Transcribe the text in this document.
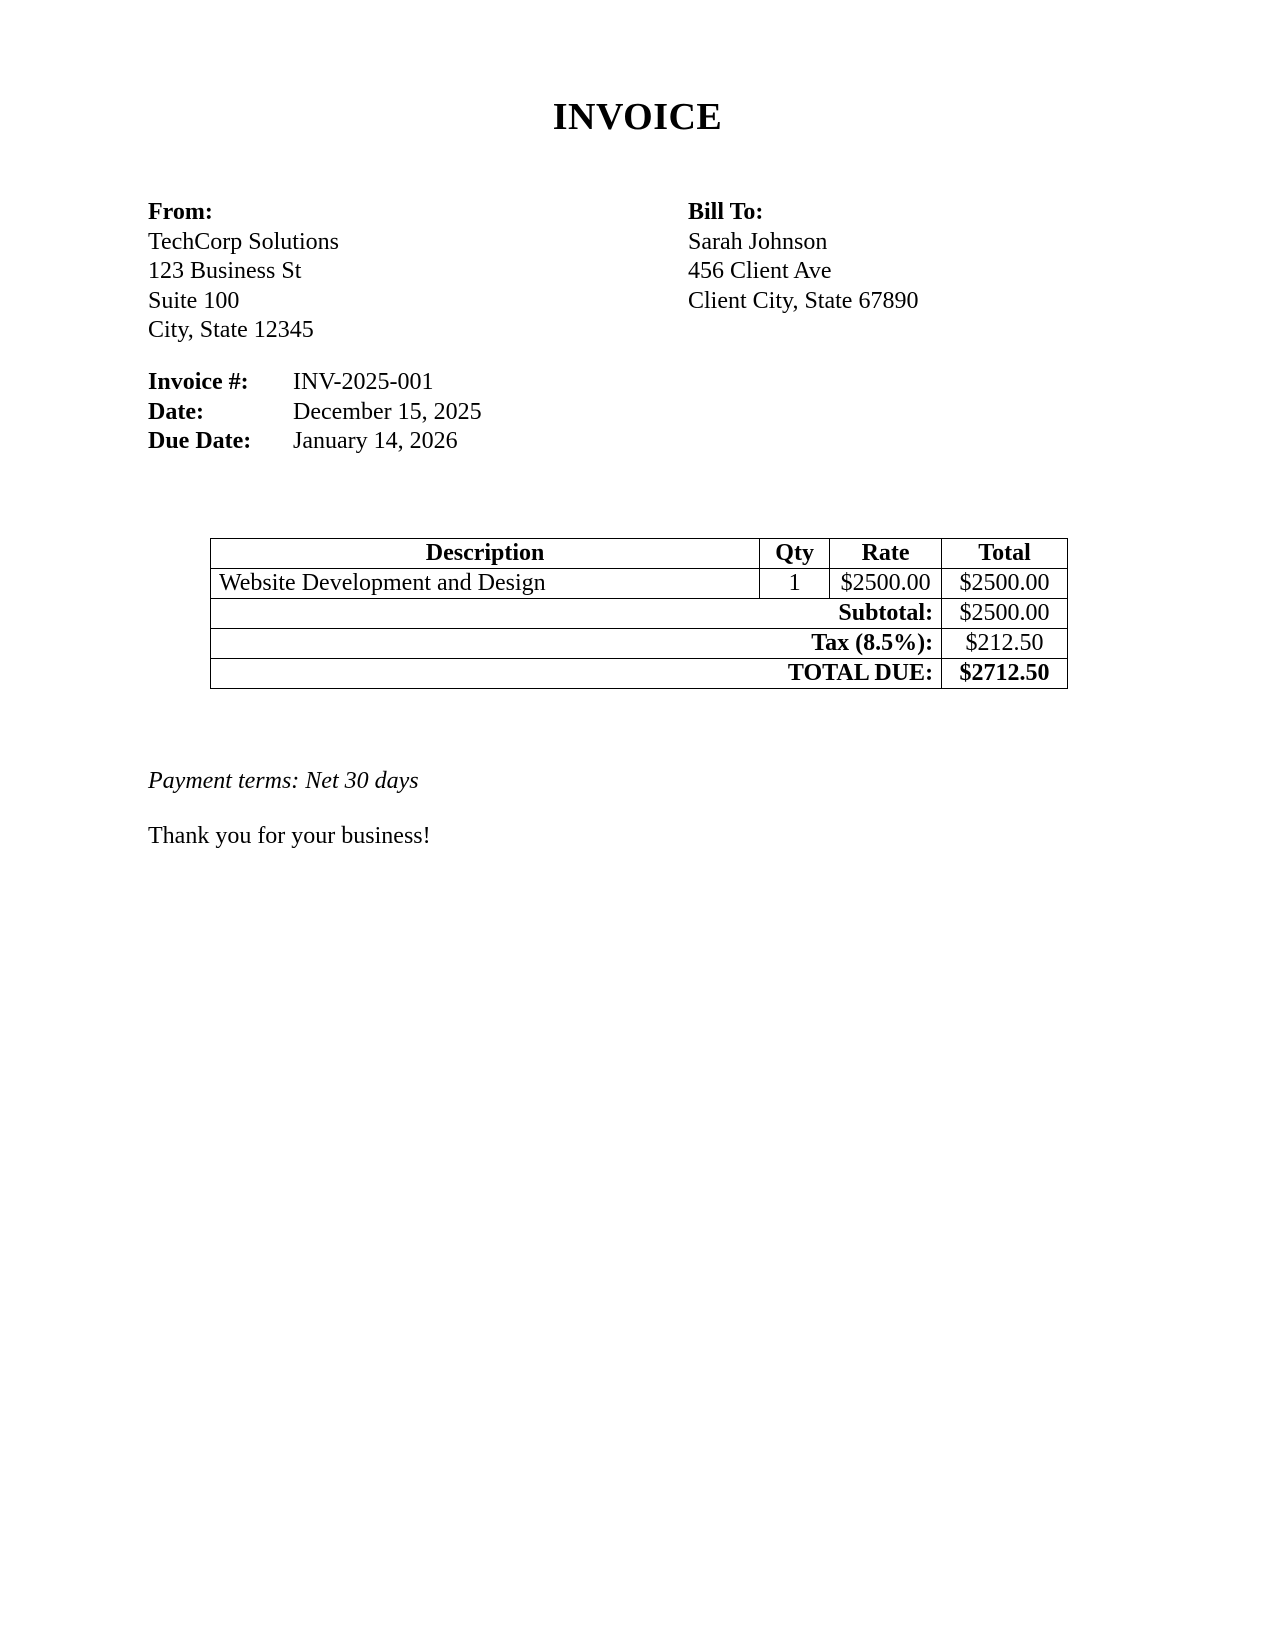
INVOICE
From:
TechCorp Solutions
123 Business St
Suite 100
City, State 12345
Bill To:
Sarah Johnson
456 Client Ave
Client City, State 67890
Invoice #:	INV-2025-001
Date:	December 15, 2025
Due Date:	January 14, 2026
Description	Qty	Rate	Total
Website Development and Design	1	$2500.00	$2500.00
Subtotal:			$2500.00
Tax (8.5%):			$212.50
TOTAL DUE:			$2712.50
Payment terms: Net 30 days
Thank you for your business!
